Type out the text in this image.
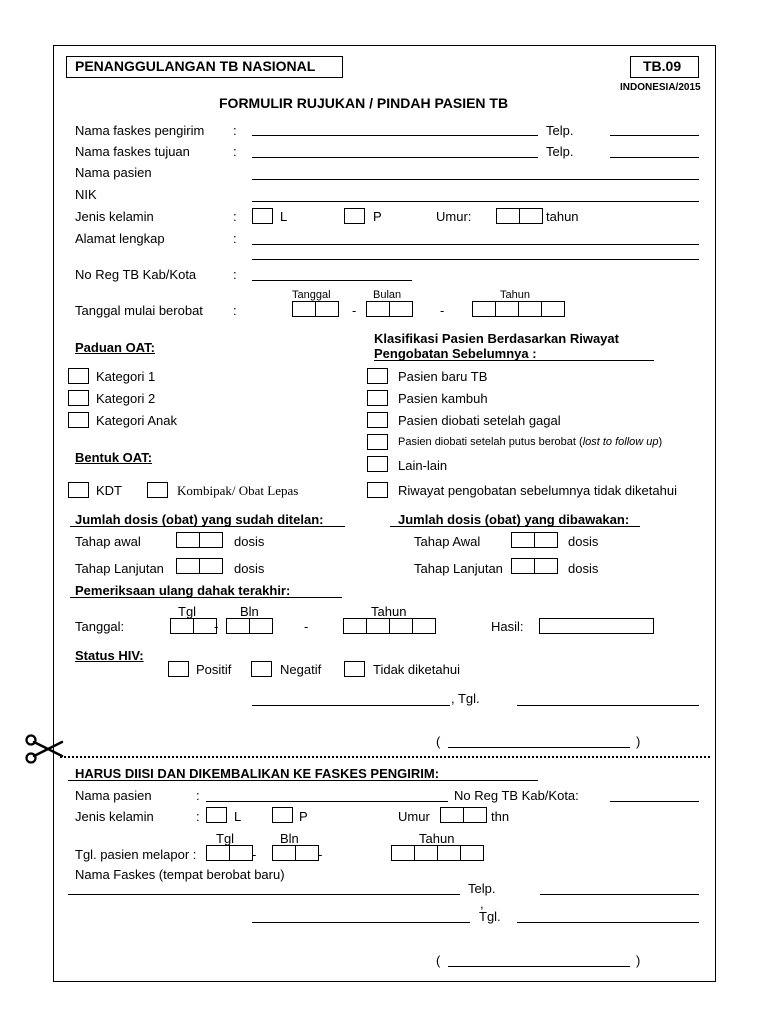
PENANGGULANGAN TB NASIONAL	TB.09
INDONESIA/2015
FORMULIR RUJUKAN / PINDAH PASIEN TB
Nama faskes pengirim :	Telp.
Nama faskes tujuan	:	Telp.
Nama pasien
NIK
Jenis kelamin	:	L	P	Umur:	tahun
Alamat lengkap	:
No Reg TB Kab/Kota	:
Tanggal	Bulan	Tahun
Tanggal mulai berobat :	-	-
Paduan OAT:
Kategori 1
Kategori 2
Kategori Anak
Bentuk OAT:
KDT	Kombipak/ Obat Lepas
Klasifikasi Pasien Berdasarkan Riwayat
Pengobatan Sebelumnya :
Pasien baru TB
Pasien kambuh
Pasien diobati setelah gagal
Pasien diobati setelah putus berobat (lost to follow up)
Lain-lain
Riwayat pengobatan sebelumnya tidak diketahui
Jumlah dosis (obat) yang sudah ditelan:	Jumlah dosis (obat) yang dibawakan:
Tahap awal	dosis	Tahap Awal	dosis
Tahap Lanjutan	dosis	Tahap Lanjutan	dosis
Pemeriksaan ulang dahak terakhir:
Tgl	Bln	Tahun
Tanggal:	-	-	Hasil:
Status HIV:
Positif	Negatif	Tidak diketahui
, Tgl.
(	)
HARUS DIISI DAN DIKEMBALIKAN KE FASKES PENGIRIM:
Nama pasien	:	No Reg TB Kab/Kota:
Jenis kelamin	:	L	P	Umur	thn
Tgl	Bln	Tahun
Tgl. pasien melapor :	-	-
Nama Faskes (tempat berobat baru)
Telp.
,
Tgl.
(	)
